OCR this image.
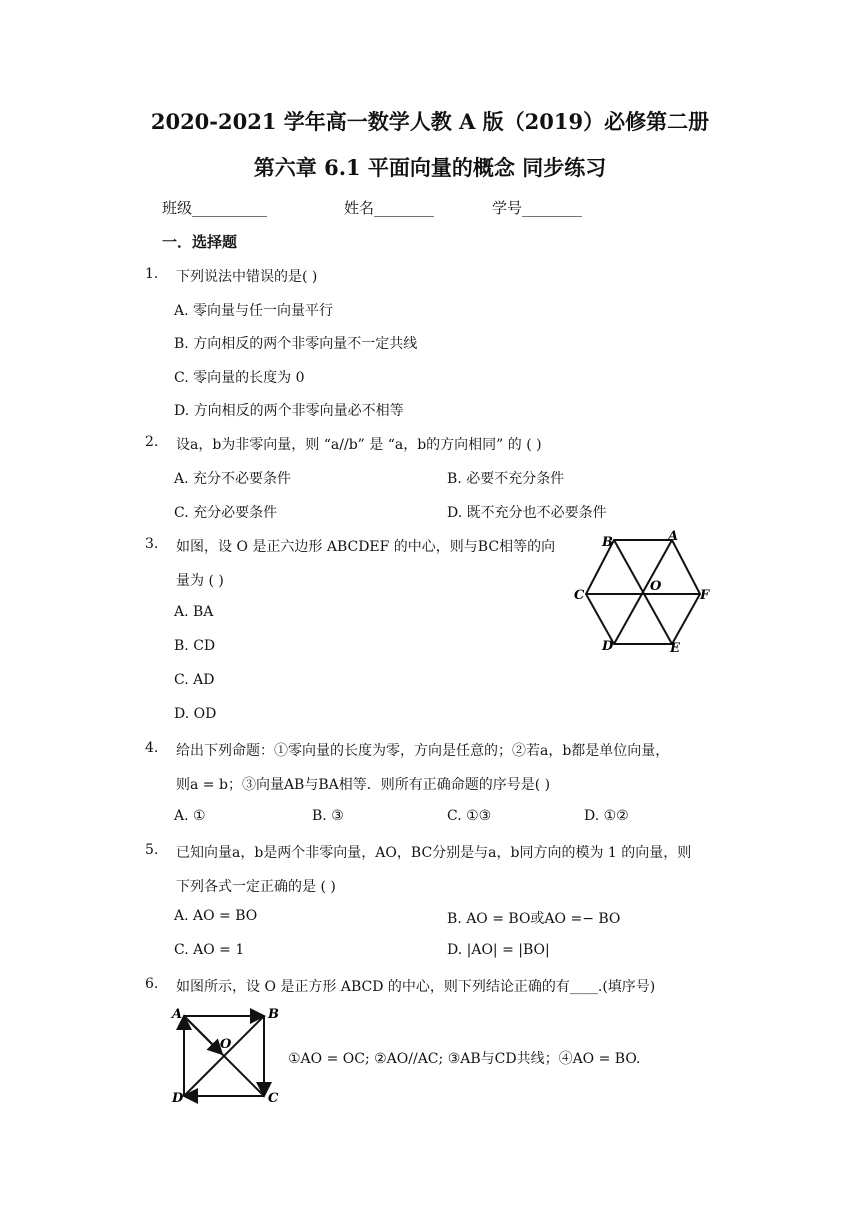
2020-2021 学年高一数学人教 A 版（2019）必修第二册
第六章 6.1 平面向量的概念 同步练习
班级__________	姓名________	学号________
一．选择题
1. 下列说法中错误的是( )
A. 零向量与任一向量平行
B. 方向相反的两个非零向量不一定共线
C. 零向量的长度为 0
D. 方向相反的两个非零向量必不相等
2. 设a，b为非零向量，则 “a//b” 是 “a，b的方向相同” 的 ( )
A. 充分不必要条件	B. 必要不充分条件
C. 充分必要条件	D. 既不充分也不必要条件
3. 如图，设 O 是正六边形 ABCDEF 的中心，则与BC相等的向
量为 ( )
A. BA
B. CD
C. AD
D. OD
B	A
C
O
F
D	E
4. 给出下列命题：①零向量的长度为零，方向是任意的；②若a，b都是单位向量，
则a = b；③向量AB与BA相等．则所有正确命题的序号是( )
A. ①	B. ③	C. ①③	D. ①②
5. 已知向量a，b是两个非零向量，AO，BC分别是与a，b同方向的模为 1 的向量，则
下列各式一定正确的是 ( )
A. AO = BO	B. AO = BO或AO =− BO
C. AO = 1	D. |AO| = |BO|
6. 如图所示，设 O 是正方形 ABCD 的中心，则下列结论正确的有____.(填序号)
A	B
O
D	C
①AO = OC; ②AO//AC; ③AB与CD共线；④AO = BO.
